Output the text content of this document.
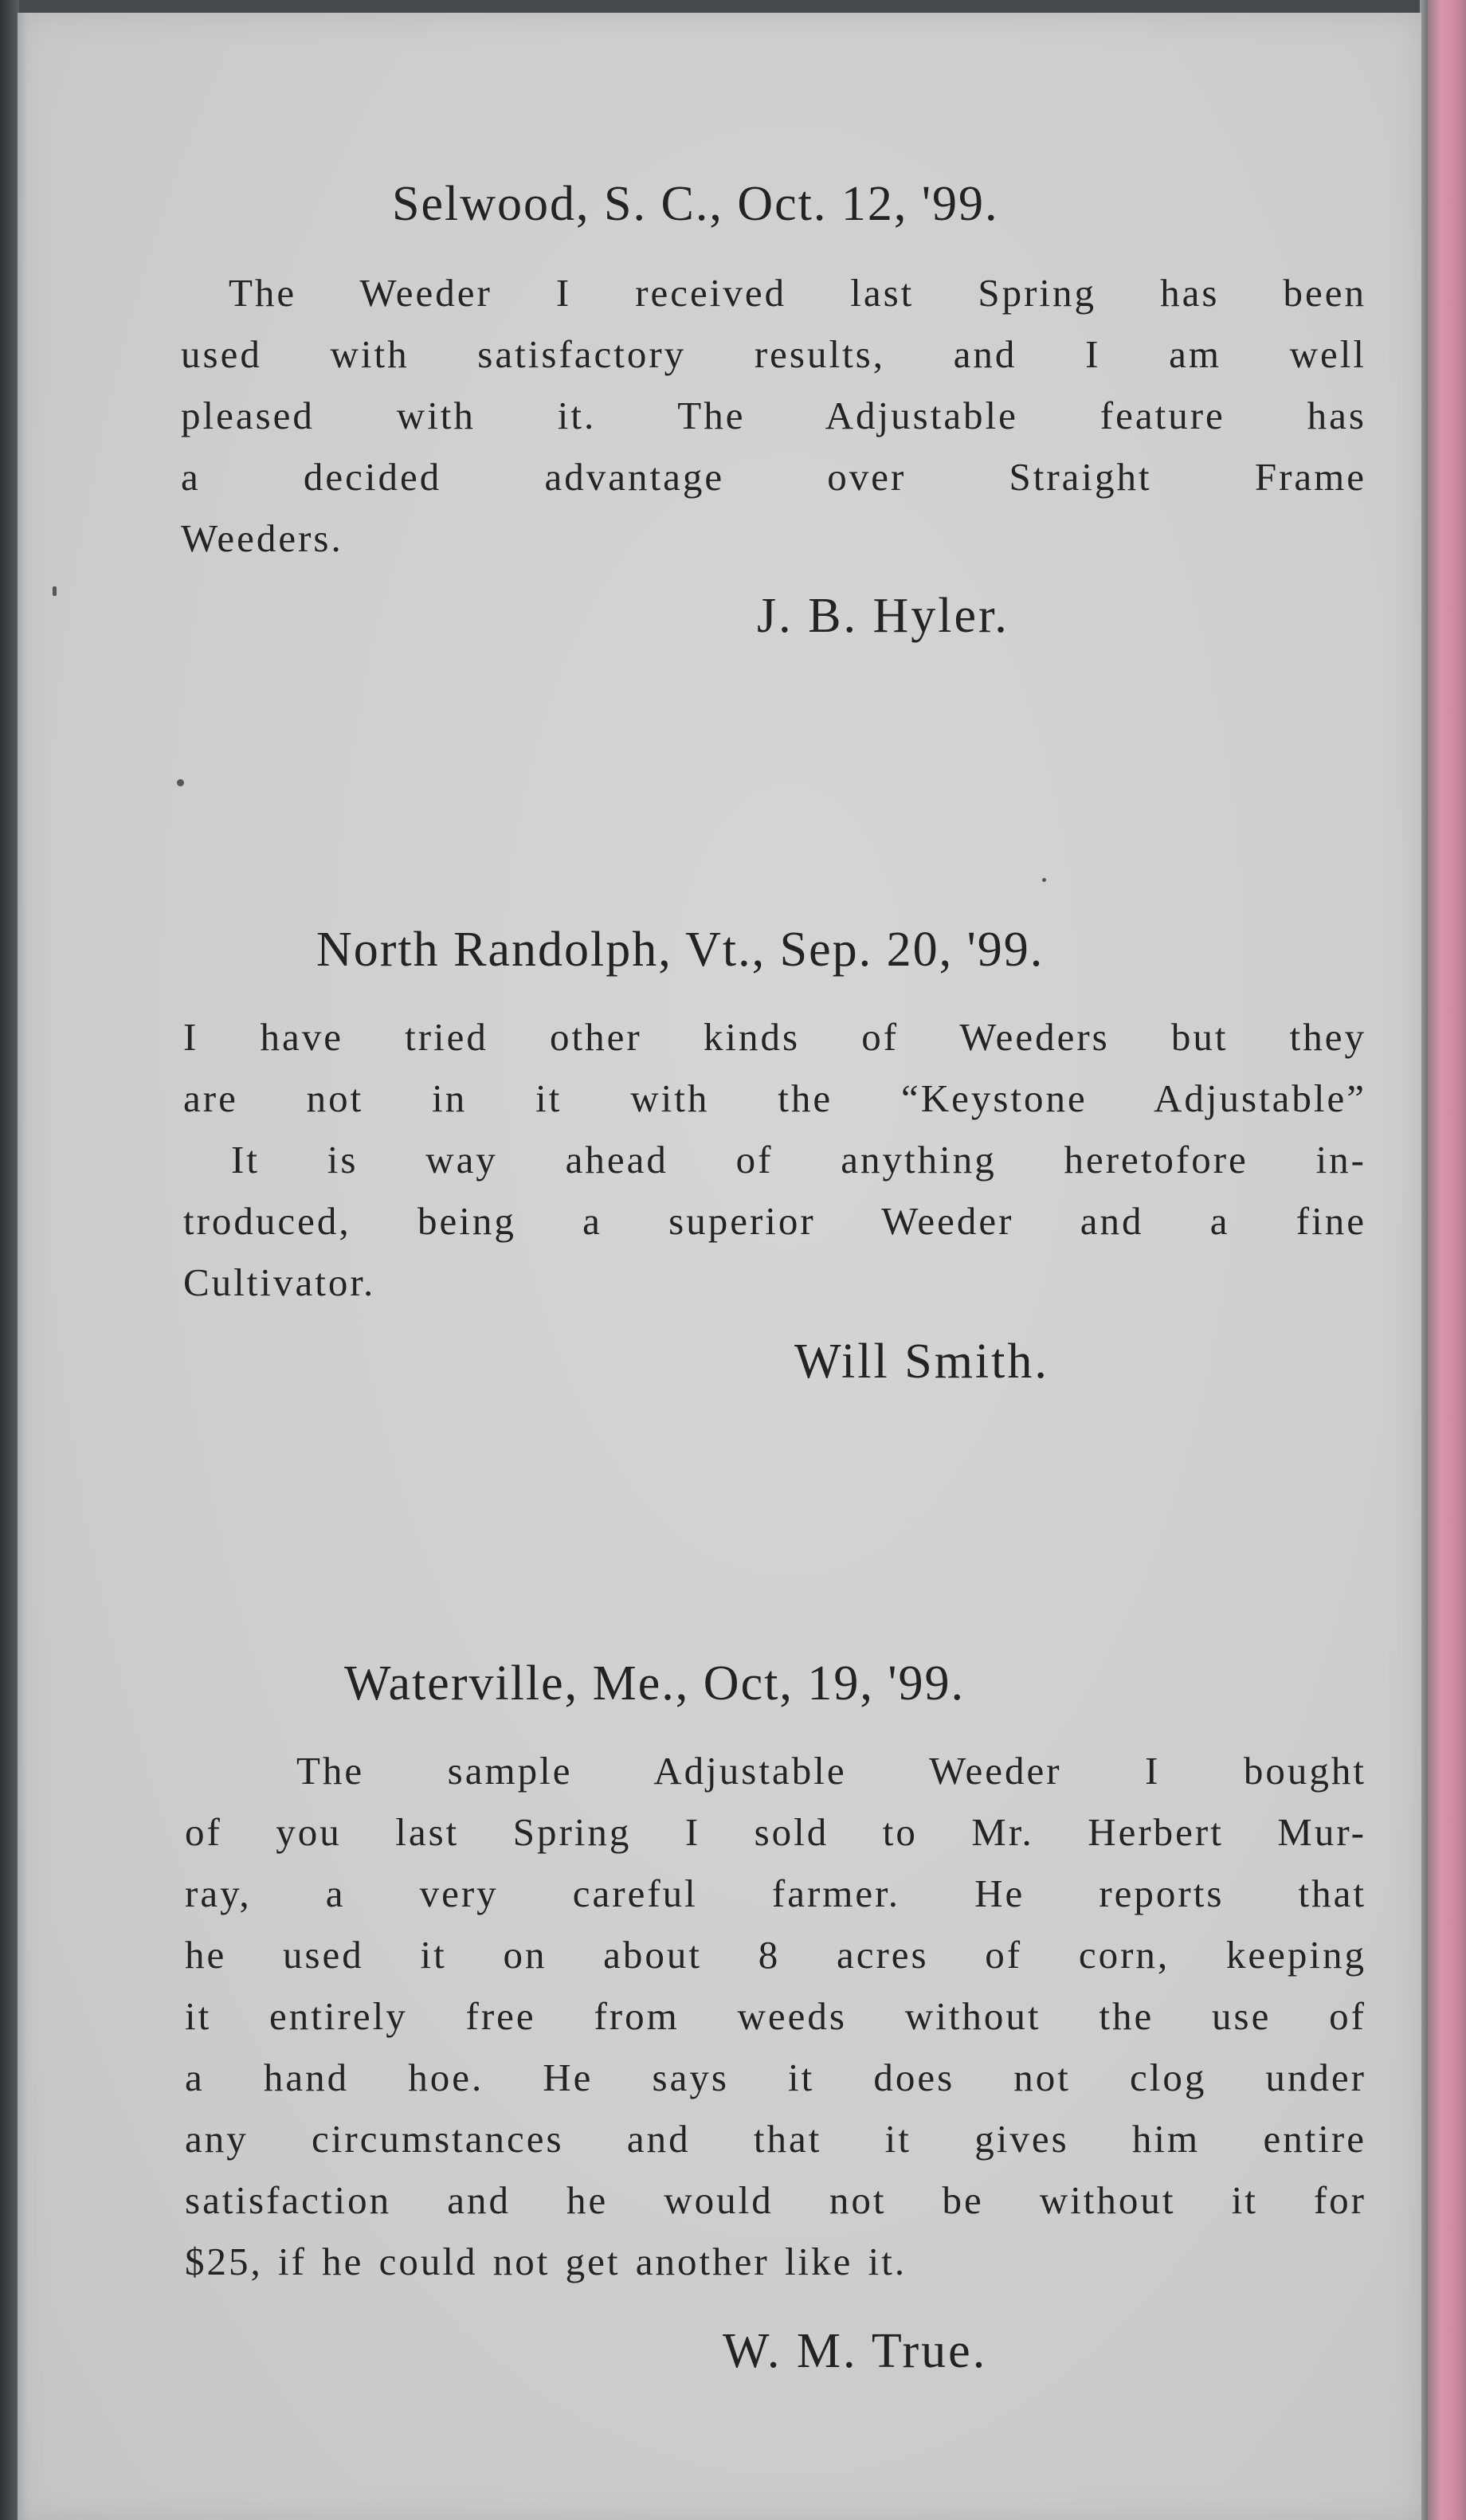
Selwood, S. C., Oct. 12, '99.
The Weeder I received last Spring has been
used with satisfactory results, and I am well
pleased with it. The Adjustable feature has
a decided advantage over Straight Frame
Weeders.
J. B. Hyler.
North Randolph, Vt., Sep. 20, '99.
I have tried other kinds of Weeders but they
are not in it with the “Keystone Adjustable”
It is way ahead of anything heretofore in-
troduced, being a superior Weeder and a fine
Cultivator.
Will Smith.
Waterville, Me., Oct, 19, '99.
The sample Adjustable Weeder I bought
of you last Spring I sold to Mr. Herbert Mur-
ray, a very careful farmer. He reports that
he used it on about 8 acres of corn, keeping
it entirely free from weeds without the use of
a hand hoe. He says it does not clog under
any circumstances and that it gives him entire
satisfaction and he would not be without it for
$25, if he could not get another like it.
W. M. True.
